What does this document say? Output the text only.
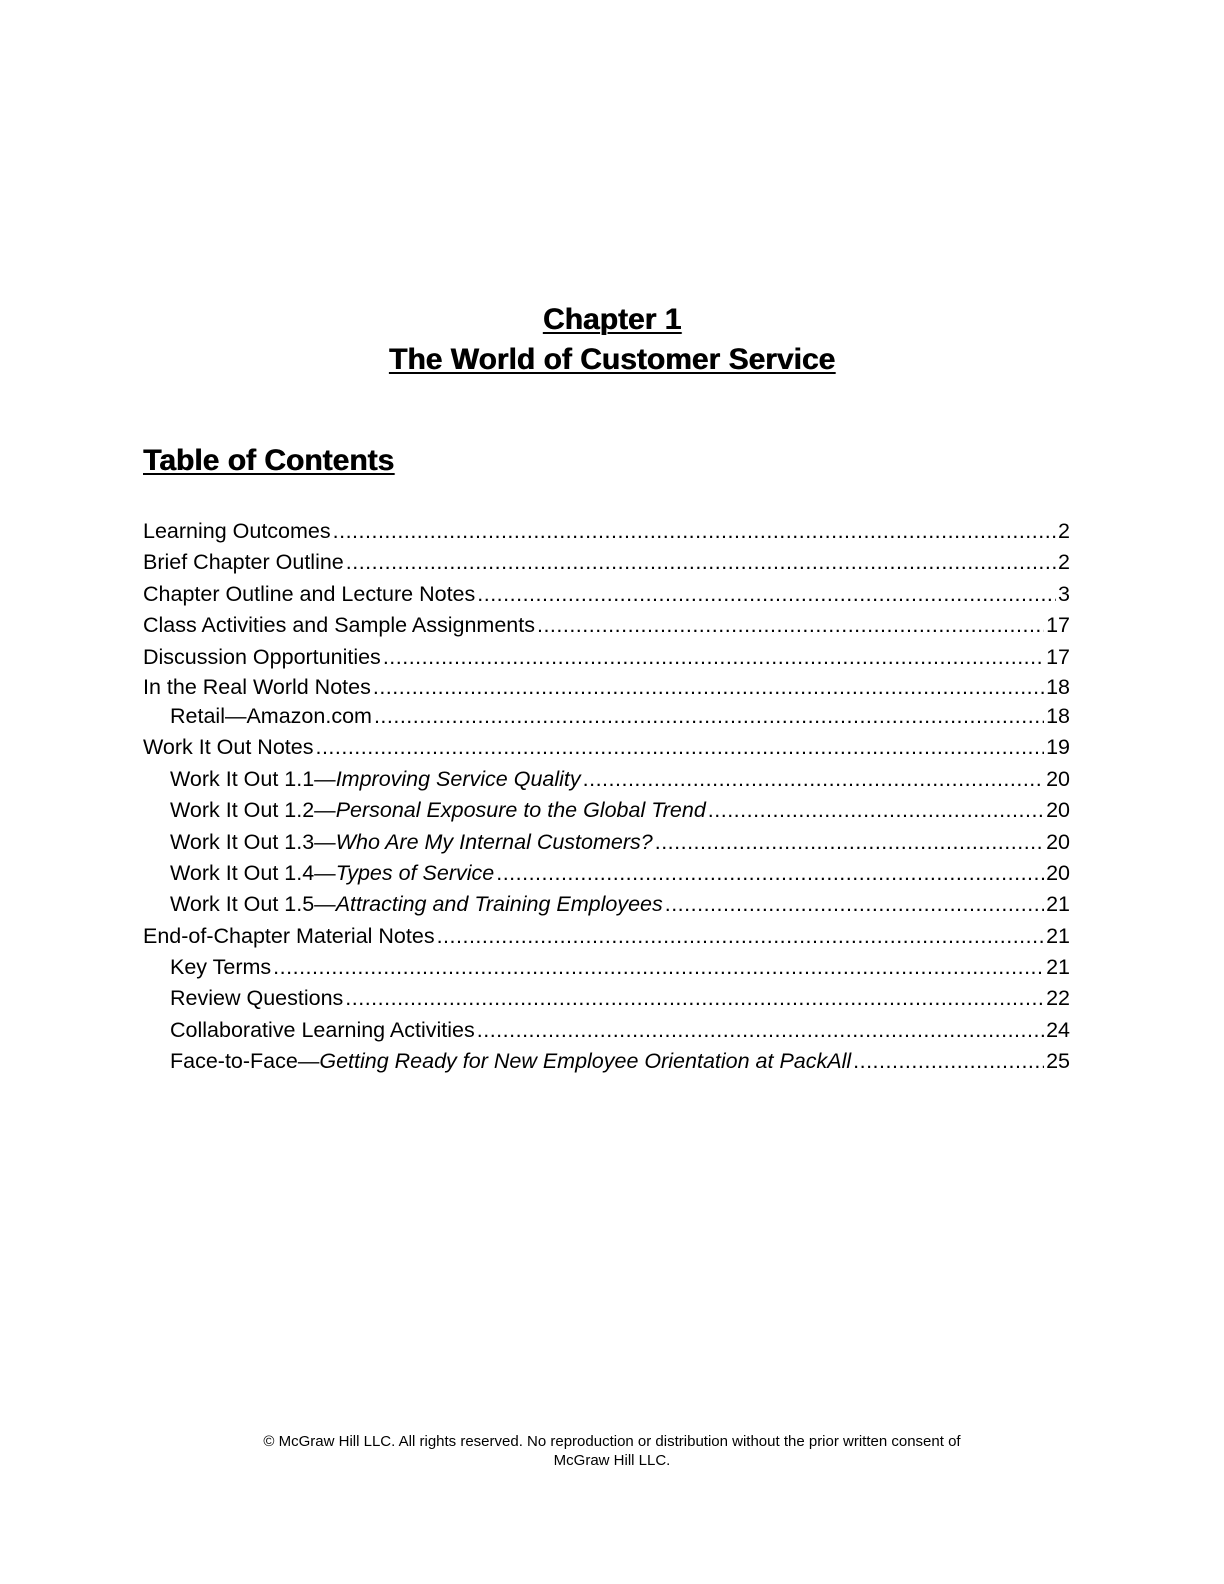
Chapter 1
The World of Customer Service
Table of Contents
Learning Outcomes .....	2
Brief Chapter Outline .....	2
Chapter Outline and Lecture Notes .....	3
Class Activities and Sample Assignments .....	17
Discussion Opportunities .....	17
In the Real World Notes .....	18
Retail—Amazon.com .....	18
Work It Out Notes .....	19
Work It Out 1.1—Improving Service Quality .....	20
Work It Out 1.2—Personal Exposure to the Global Trend .....	20
Work It Out 1.3—Who Are My Internal Customers? .....	20
Work It Out 1.4—Types of Service .....	20
Work It Out 1.5—Attracting and Training Employees .....	21
End-of-Chapter Material Notes .....	21
Key Terms .....	21
Review Questions .....	22
Collaborative Learning Activities .....	24
Face-to-Face—Getting Ready for New Employee Orientation at PackAll .....	25
© McGraw Hill LLC. All rights reserved. No reproduction or distribution without the prior written consent of
McGraw Hill LLC.
